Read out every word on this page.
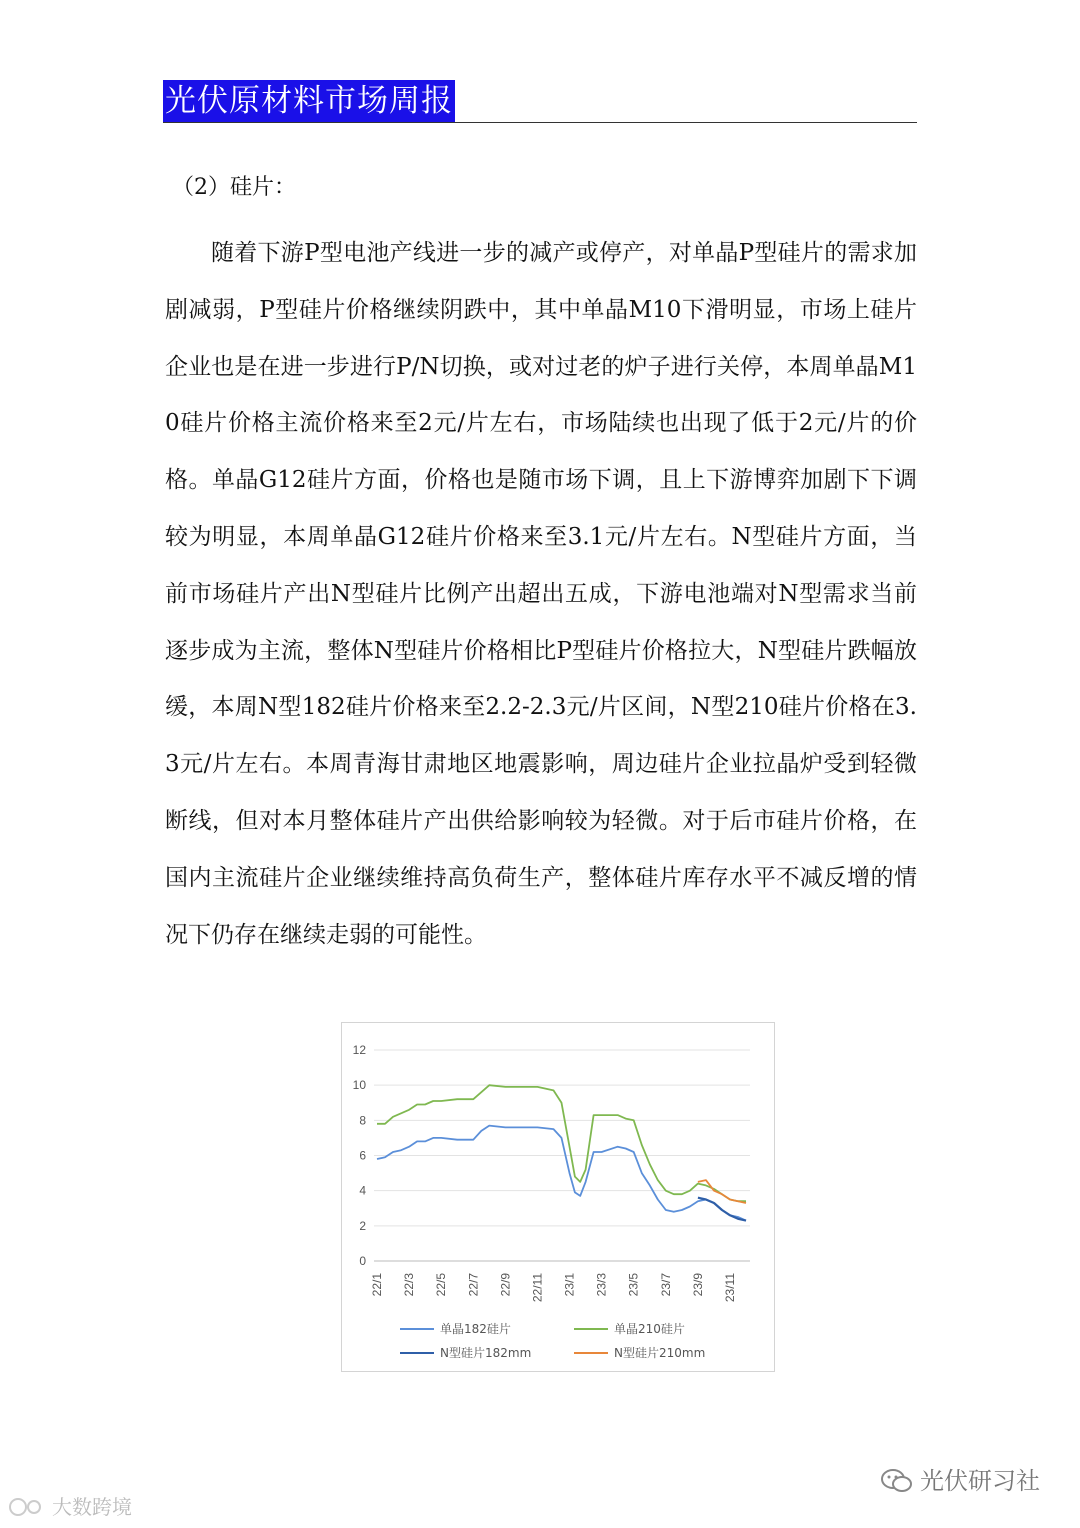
光伏原材料市场周报
（2）硅片：
随着下游P型电池产线进一步的减产或停产，对单晶P型硅片的需求加剧减弱，P型硅片价格继续阴跌中，其中单晶M10下滑明显，市场上硅片企业也是在进一步进行P/N切换，或对过老的炉子进行关停，本周单晶M10硅片价格主流价格来至2元/片左右，市场陆续也出现了低于2元/片的价格。单晶G12硅片方面，价格也是随市场下调，且上下游博弈加剧下下调较为明显，本周单晶G12硅片价格来至3.1元/片左右。N型硅片方面，当前市场硅片产出N型硅片比例产出超出五成，下游电池端对N型需求当前逐步成为主流，整体N型硅片价格相比P型硅片价格拉大，N型硅片跌幅放缓，本周N型182硅片价格来至2.2-2.3元/片区间，N型210硅片价格在3.3元/片左右。本周青海甘肃地区地震影响，周边硅片企业拉晶炉受到轻微断线，但对本月整体硅片产出供给影响较为轻微。对于后市硅片价格，在国内主流硅片企业继续维持高负荷生产，整体硅片库存水平不减反增的情况下仍存在继续走弱的可能性。
0
2
4
6
8
10
12
22/1 22/3 22/5 22/7 22/9 22/11 23/1 23/3 23/5 23/7 23/9 23/11
单晶182硅片	单晶210硅片
N型硅片182mm	N型硅片210mm
光伏研习社
大数跨境
